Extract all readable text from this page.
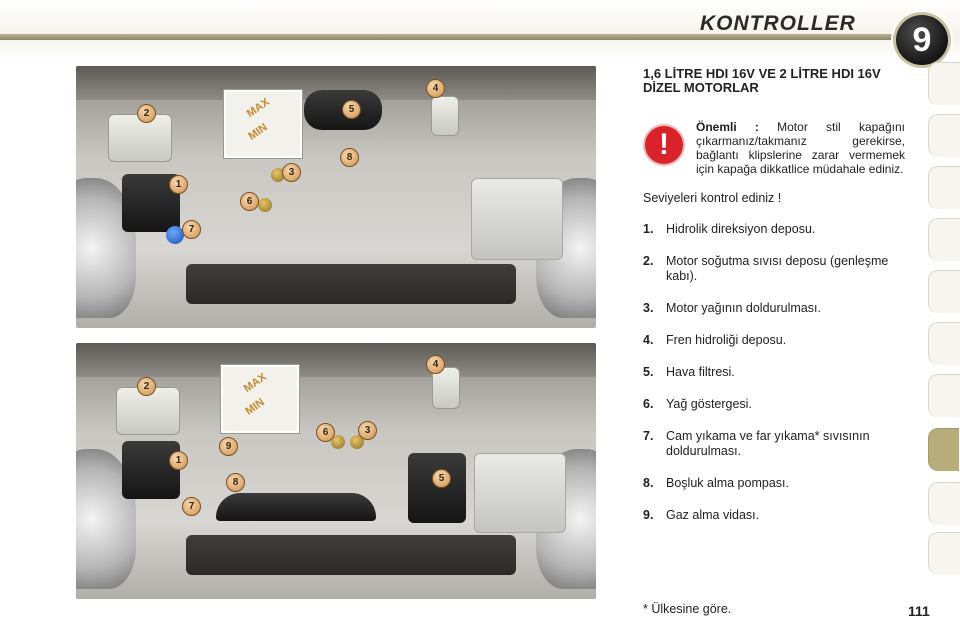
KONTROLLER	9
MAX
MIN
1
2
3
4
5
6
7
8
MAX
MIN
1
2
3
4
5
6
7
8
9
1,6 LİTRE HDI 16V VE 2 LİTRE HDI 16V DİZEL MOTORLAR
!
Önemli : Motor stil kapağını çıkarmanız/takmanız gerekirse, bağlantı klipslerine zarar vermemek için kapağa dikkatlice müdahale ediniz.
Seviyeleri kontrol ediniz !
1. Hidrolik direksiyon deposu.
2. Motor soğutma sıvısı deposu (genleşme kabı).
3. Motor yağının doldurulması.
4. Fren hidroliği deposu.
5. Hava filtresi.
6. Yağ göstergesi.
7. Cam yıkama ve far yıkama* sıvısının doldurulması.
8. Boşluk alma pompası.
9. Gaz alma vidası.
* Ülkesine göre.	111
